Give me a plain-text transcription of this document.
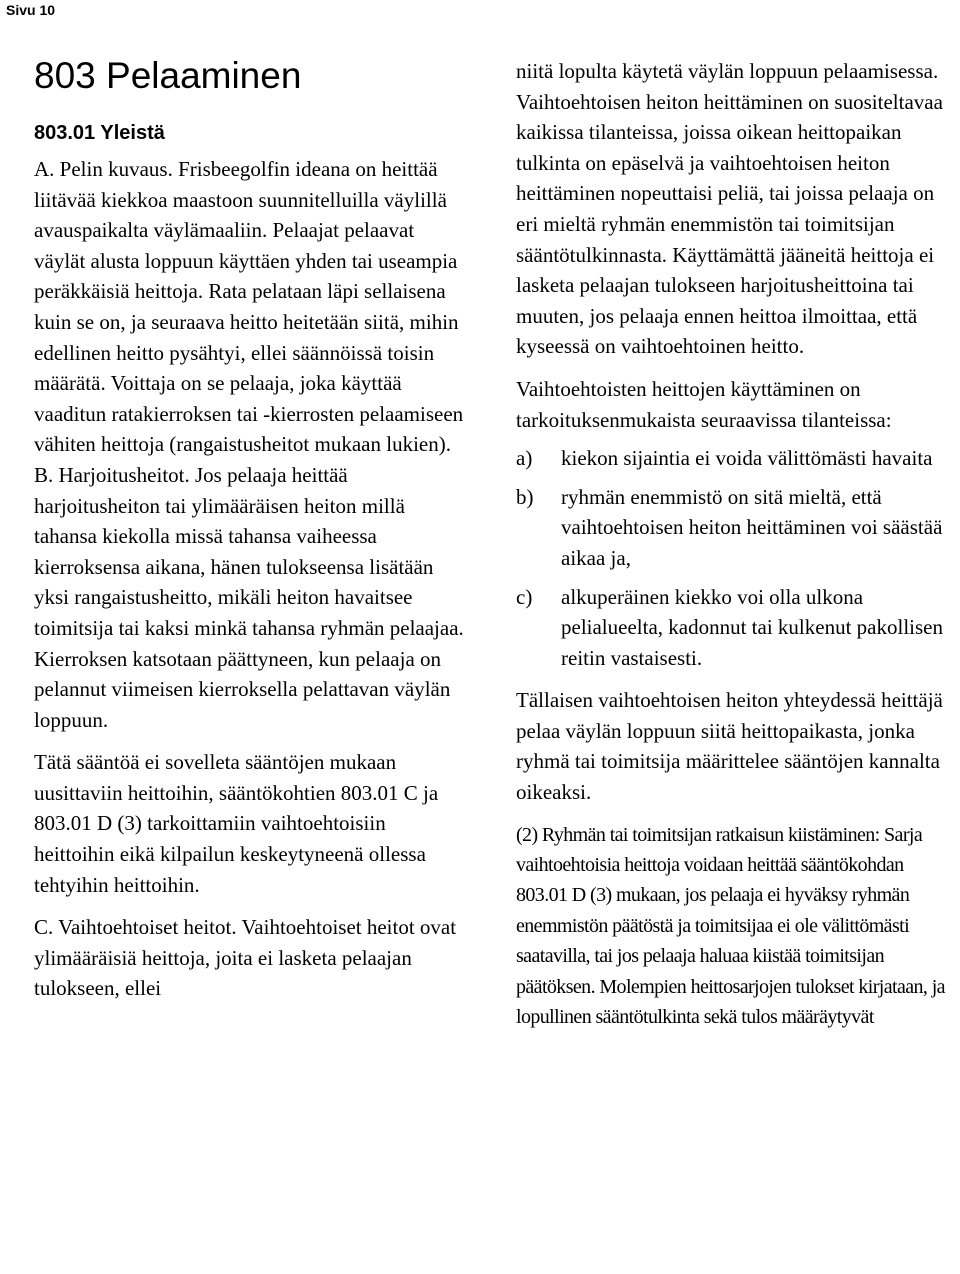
Sivu 10
803 Pelaaminen
803.01 Yleistä

A. Pelin kuvaus. Frisbeegolfin ideana on heittää liitävää kiekkoa maastoon suunnitelluilla väylillä avauspaikalta väylämaaliin. Pelaajat pelaavat väylät alusta loppuun käyttäen yhden tai useampia peräkkäisiä heittoja. Rata pelataan läpi sellaisena kuin se on, ja seuraava heitto heitetään siitä, mihin edellinen heitto pysähtyi, ellei säännöissä toisin määrätä. Voittaja on se pelaaja, joka käyttää vaaditun ratakierroksen tai -kierrosten pelaamiseen vähiten heittoja (rangaistusheitot mukaan lukien).

B. Harjoitusheitot. Jos pelaaja heittää harjoitusheiton tai ylimääräisen heiton millä tahansa kiekolla missä tahansa vaiheessa kierroksensa aikana, hänen tulokseensa lisätään yksi rangaistusheitto, mikäli heiton havaitsee toimitsija tai kaksi minkä tahansa ryhmän pelaajaa. Kierroksen katsotaan päättyneen, kun pelaaja on pelannut viimeisen kierroksella pelattavan väylän loppuun.

Tätä sääntöä ei sovelleta sääntöjen mukaan uusittaviin heittoihin, sääntökohtien 803.01 C ja 803.01 D (3) tarkoittamiin vaihtoehtoisiin heittoihin eikä kilpailun keskeytyneenä ollessa tehtyihin heittoihin.

C. Vaihtoehtoiset heitot. Vaihtoehtoiset heitot ovat ylimääräisiä heittoja, joita ei lasketa pelaajan tulokseen, ellei

niitä lopulta käytetä väylän loppuun pelaamisessa. Vaihtoehtoisen heiton heittäminen on suositeltavaa kaikissa tilanteissa, joissa oikean heittopaikan tulkinta on epäselvä ja vaihtoehtoisen heiton heittäminen nopeuttaisi peliä, tai joissa pelaaja on eri mieltä ryhmän enemmistön tai toimitsijan sääntötulkinnasta. Käyttämättä jääneitä heittoja ei lasketa pelaajan tulokseen harjoitusheittoina tai muuten, jos pelaaja ennen heittoa ilmoittaa, että kyseessä on vaihtoehtoinen heitto.

Vaihtoehtoisten heittojen käyttäminen on tarkoituksenmukaista seuraavissa tilanteissa:

a)	kiekon sijaintia ei voida välittömästi havaita
b)	ryhmän enemmistö on sitä mieltä, että vaihtoehtoisen heiton heittäminen voi säästää aikaa ja,
c)	alkuperäinen kiekko voi olla ulkona pelialueelta, kadonnut tai kulkenut pakollisen reitin vastaisesti.

Tällaisen vaihtoehtoisen heiton yhteydessä heittäjä pelaa väylän loppuun siitä heittopaikasta, jonka ryhmä tai toimitsija määrittelee sääntöjen kannalta oikeaksi.

(2) Ryhmän tai toimitsijan ratkaisun kiistäminen: Sarja vaihtoehtoisia heittoja voidaan heittää sääntökohdan 803.01 D (3) mukaan, jos pelaaja ei hyväksy ryhmän enemmistön päätöstä ja toimitsijaa ei ole välittömästi saatavilla, tai jos pelaaja haluaa kiistää toimitsijan päätöksen. Molempien heittosarjojen tulokset kirjataan, ja lopullinen sääntötulkinta sekä tulos määräytyvät
